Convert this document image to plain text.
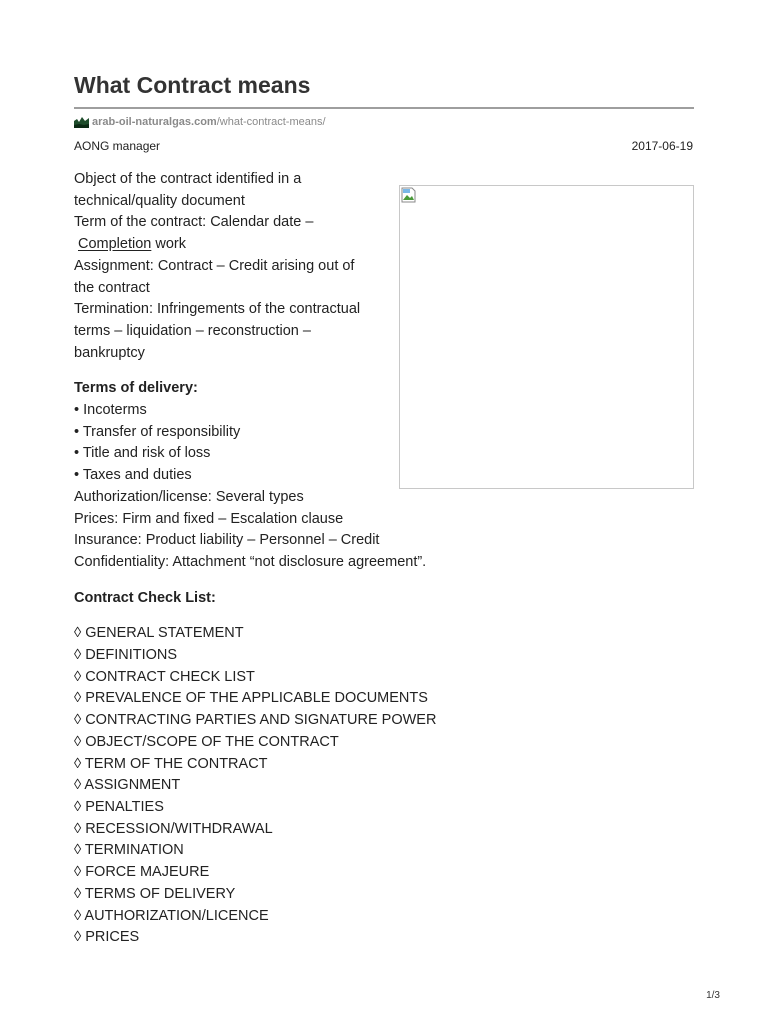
What Contract means
arab-oil-naturalgas.com/what-contract-means/
AONG manager	2017-06-19
Object of the contract identified in a
technical/quality document
Term of the contract: Calendar date –
Completion work
Assignment: Contract – Credit arising out of
the contract
Termination: Infringements of the contractual
terms – liquidation – reconstruction –
bankruptcy
Terms of delivery:
• Incoterms
• Transfer of responsibility
• Title and risk of loss
• Taxes and duties
Authorization/license: Several types
Prices: Firm and fixed – Escalation clause
Insurance: Product liability – Personnel – Credit
Confidentiality: Attachment “not disclosure agreement”.
Contract Check List:
◊ GENERAL STATEMENT
◊ DEFINITIONS
◊ CONTRACT CHECK LIST
◊ PREVALENCE OF THE APPLICABLE DOCUMENTS
◊ CONTRACTING PARTIES AND SIGNATURE POWER
◊ OBJECT/SCOPE OF THE CONTRACT
◊ TERM OF THE CONTRACT
◊ ASSIGNMENT
◊ PENALTIES
◊ RECESSION/WITHDRAWAL
◊ TERMINATION
◊ FORCE MAJEURE
◊ TERMS OF DELIVERY
◊ AUTHORIZATION/LICENCE
◊ PRICES
1/3
